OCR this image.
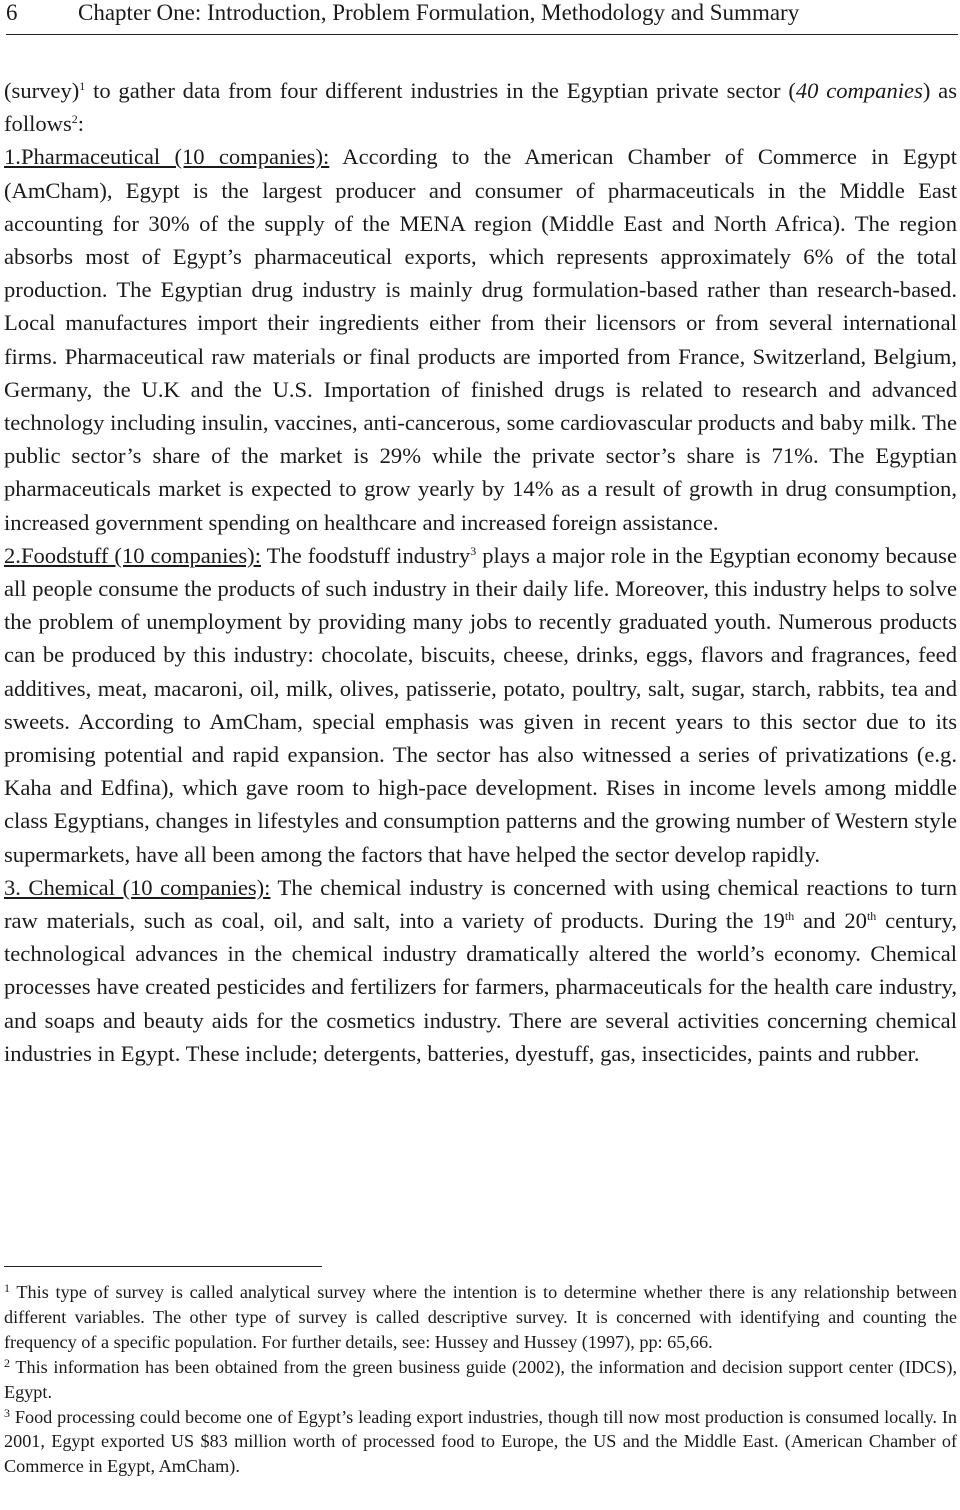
6	Chapter One: Introduction, Problem Formulation, Methodology and Summary

(survey)$^1$ to gather data from four different industries in the Egyptian private sector (40 companies) as follows$^2$:

1.Pharmaceutical (10 companies): According to the American Chamber of Commerce in Egypt (AmCham), Egypt is the largest producer and consumer of pharmaceuticals in the Middle East accounting for 30% of the supply of the MENA region (Middle East and North Africa). The region absorbs most of Egypt’s pharmaceutical exports, which represents approximately 6% of the total production. The Egyptian drug industry is mainly drug formulation-based rather than research-based. Local manufactures import their ingredients either from their licensors or from several international firms. Pharmaceutical raw materials or final products are imported from France, Switzerland, Belgium, Germany, the U.K and the U.S. Importation of finished drugs is related to research and advanced technology including insulin, vaccines, anti-cancerous, some cardiovascular products and baby milk. The public sector’s share of the market is 29% while the private sector’s share is 71%. The Egyptian pharmaceuticals market is expected to grow yearly by 14% as a result of growth in drug consumption, increased government spending on healthcare and increased foreign assistance.

2.Foodstuff (10 companies): The foodstuff industry$^3$ plays a major role in the Egyptian economy because all people consume the products of such industry in their daily life. Moreover, this industry helps to solve the problem of unemployment by providing many jobs to recently graduated youth. Numerous products can be produced by this industry: chocolate, biscuits, cheese, drinks, eggs, flavors and fragrances, feed additives, meat, macaroni, oil, milk, olives, patisserie, potato, poultry, salt, sugar, starch, rabbits, tea and sweets. According to AmCham, special emphasis was given in recent years to this sector due to its promising potential and rapid expansion. The sector has also witnessed a series of privatizations (e.g. Kaha and Edfina), which gave room to high-pace development. Rises in income levels among middle class Egyptians, changes in lifestyles and consumption patterns and the growing number of Western style supermarkets, have all been among the factors that have helped the sector develop rapidly.

3. Chemical (10 companies): The chemical industry is concerned with using chemical reactions to turn raw materials, such as coal, oil, and salt, into a variety of products. During the 19th and 20th century, technological advances in the chemical industry dramatically altered the world’s economy. Chemical processes have created pesticides and fertilizers for farmers, pharmaceuticals for the health care industry, and soaps and beauty aids for the cosmetics industry. There are several activities concerning chemical industries in Egypt. These include; detergents, batteries, dyestuff, gas, insecticides, paints and rubber.

$^1$ This type of survey is called analytical survey where the intention is to determine whether there is any relationship between different variables. The other type of survey is called descriptive survey. It is concerned with identifying and counting the frequency of a specific population. For further details, see: Hussey and Hussey (1997), pp: 65,66.

$^2$ This information has been obtained from the green business guide (2002), the information and decision support center (IDCS), Egypt.

$^3$ Food processing could become one of Egypt’s leading export industries, though till now most production is consumed locally. In 2001, Egypt exported US $83 million worth of processed food to Europe, the US and the Middle East. (American Chamber of Commerce in Egypt, AmCham).
